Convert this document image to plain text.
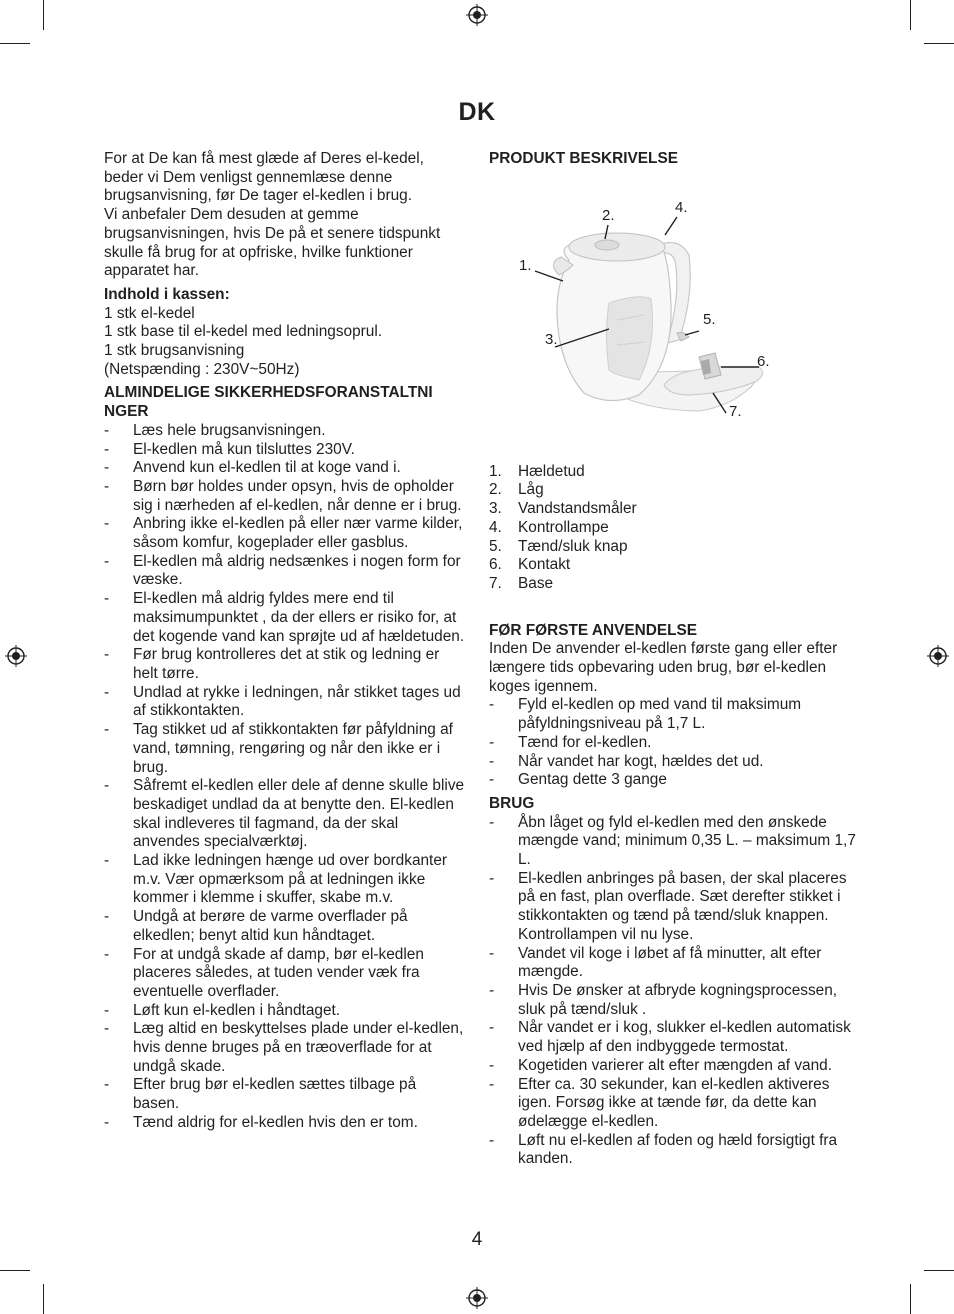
DK

For at De kan få mest glæde af Deres el-kedel, beder vi Dem venligst gennemlæse denne brugsanvisning, før De tager el-kedlen i brug.

Vi anbefaler Dem desuden at gemme brugsanvisningen, hvis De på et senere tidspunkt skulle få brug for at opfriske, hvilke funktioner apparatet har.

Indhold i kassen:

1 stk el-kedel

1 stk base til el-kedel med ledningsoprul.

1 stk brugsanvisning

(Netspænding : 230V~50Hz)

ALMINDELIGE SIKKERHEDSFORANSTALTNI
NGER

- Læs hele brugsanvisningen.
- El-kedlen må kun tilsluttes 230V.
- Anvend kun el-kedlen til at koge vand i.
- Børn bør holdes under opsyn, hvis de opholder sig i nærheden af el-kedlen, når denne er i brug.
- Anbring ikke el-kedlen på eller nær varme kilder, såsom komfur, kogeplader eller gasblus.
- El-kedlen må aldrig nedsænkes i nogen form for væske.
- El-kedlen må aldrig fyldes mere end til maksimumpunktet , da der ellers er risiko for, at det kogende vand kan sprøjte ud af hældetuden.
- Før brug kontrolleres det at stik og ledning er helt tørre.
- Undlad at rykke i ledningen, når stikket tages ud af stikkontakten.
- Tag stikket ud af stikkontakten før påfyldning af vand, tømning, rengøring og når den ikke er i brug.
- Såfremt el-kedlen eller dele af denne skulle blive beskadiget undlad da at benytte den. El-kedlen skal indleveres til fagmand, da der skal anvendes specialværktøj.
- Lad ikke ledningen hænge ud over bordkanter m.v. Vær opmærksom på at ledningen ikke kommer i klemme i skuffer, skabe m.v.
- Undgå at berøre de varme overflader på elkedlen; benyt altid kun håndtaget.
- For at undgå skade af damp, bør el-kedlen placeres således, at tuden vender væk fra eventuelle overflader.
- Løft kun el-kedlen i håndtaget.
- Læg altid en beskyttelses plade under el-kedlen, hvis denne bruges på en træoverflade for at undgå skade.
- Efter brug bør el-kedlen sættes tilbage på basen.
- Tænd aldrig for el-kedlen hvis den er tom.

PRODUKT BESKRIVELSE

1.
2.
3.
4.
5.
6.
7.
1. Hældetud
2. Låg
3. Vandstandsmåler
4. Kontrollampe
5. Tænd/sluk knap
6. Kontakt
7. Base

FØR FØRSTE ANVENDELSE

Inden De anvender el-kedlen første gang eller efter længere tids opbevaring uden brug, bør el-kedlen koges igennem.

- Fyld el-kedlen op med vand til maksimum påfyldningsniveau på 1,7 L.
- Tænd for el-kedlen.
- Når vandet har kogt, hældes det ud.
- Gentag dette 3 gange

BRUG

- Åbn låget og fyld el-kedlen med den ønskede mængde vand; minimum 0,35 L. – maksimum 1,7 L.
- El-kedlen anbringes på basen, der skal placeres på en fast, plan overflade. Sæt derefter stikket i stikkontakten og tænd på tænd/sluk knappen. Kontrollampen vil nu lyse.
- Vandet vil koge i løbet af få minutter, alt efter mængde.
- Hvis De ønsker at afbryde kogningsprocessen, sluk på tænd/sluk .
- Når vandet er i kog, slukker el-kedlen automatisk ved hjælp af den indbyggede termostat.
- Kogetiden varierer alt efter mængden af vand.
- Efter ca. 30 sekunder, kan el-kedlen aktiveres igen. Forsøg ikke at tænde før, da dette kan ødelægge el-kedlen.
- Løft nu el-kedlen af foden og hæld forsigtigt fra kanden.
4
